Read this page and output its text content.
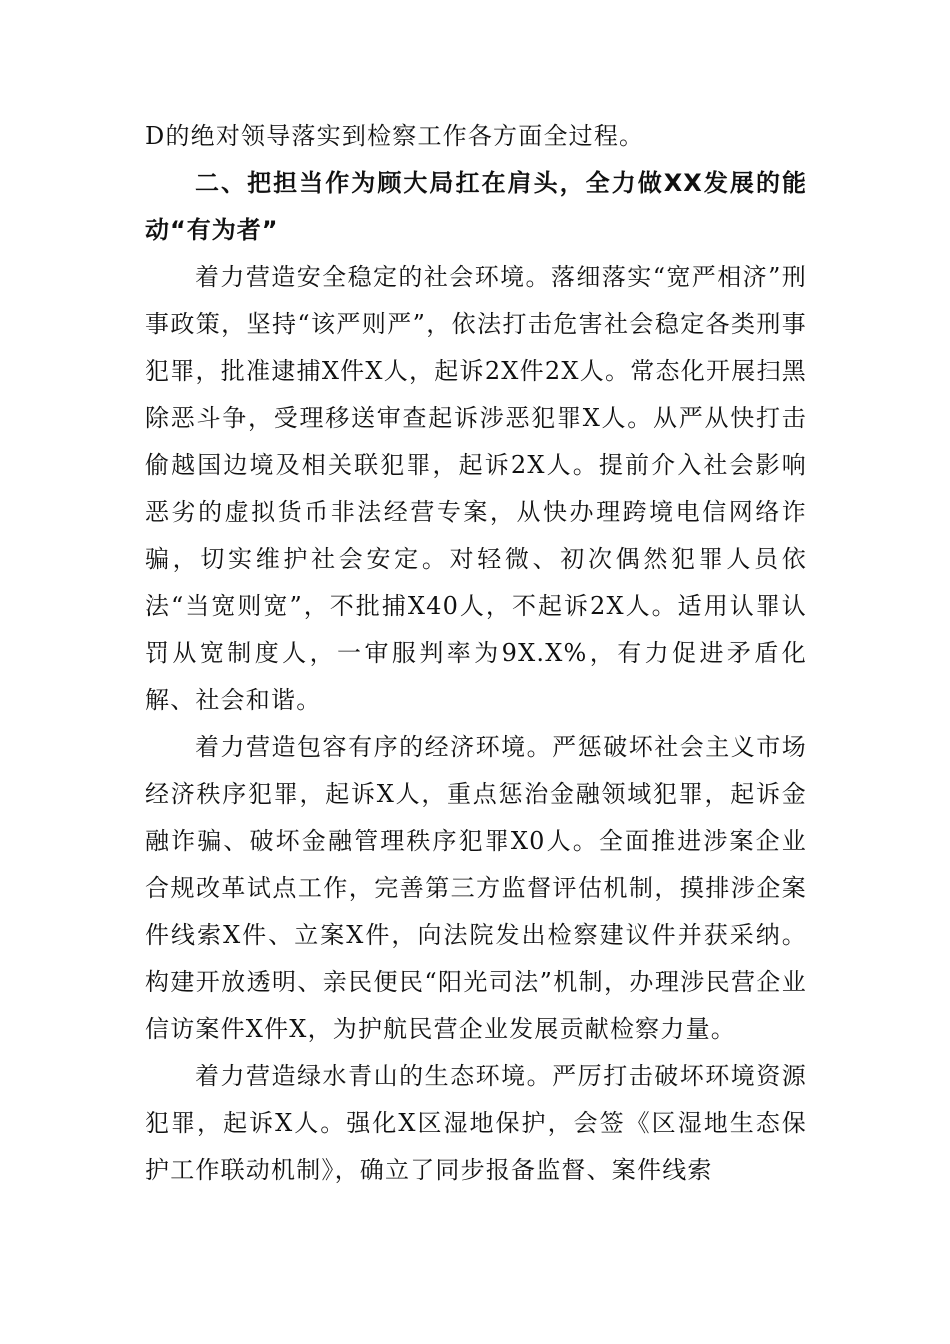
D的绝对领导落实到检察工作各方面全过程。

二、把担当作为顾大局扛在肩头，全力做XX发展的能动“有为者”

着力营造安全稳定的社会环境。落细落实“宽严相济”刑事政策，坚持“该严则严”，依法打击危害社会稳定各类刑事犯罪，批准逮捕X件X人，起诉2X件2X人。常态化开展扫黑除恶斗争，受理移送审查起诉涉恶犯罪X人。从严从快打击偷越国边境及相关联犯罪，起诉2X人。提前介入社会影响恶劣的虚拟货币非法经营专案，从快办理跨境电信网络诈骗，切实维护社会安定。对轻微、初次偶然犯罪人员依法“当宽则宽”，不批捕X40人，不起诉2X人。适用认罪认罚从宽制度人，一审服判率为9X.X%，有力促进矛盾化解、社会和谐。

着力营造包容有序的经济环境。严惩破坏社会主义市场经济秩序犯罪，起诉X人，重点惩治金融领域犯罪，起诉金融诈骗、破坏金融管理秩序犯罪X0人。全面推进涉案企业合规改革试点工作，完善第三方监督评估机制，摸排涉企案件线索X件、立案X件，向法院发出检察建议件并获采纳。构建开放透明、亲民便民“阳光司法”机制，办理涉民营企业信访案件X件X，为护航民营企业发展贡献检察力量。

着力营造绿水青山的生态环境。严厉打击破坏环境资源犯罪，起诉X人。强化X区湿地保护，会签《区湿地生态保护工作联动机制》，确立了同步报备监督、案件线索
